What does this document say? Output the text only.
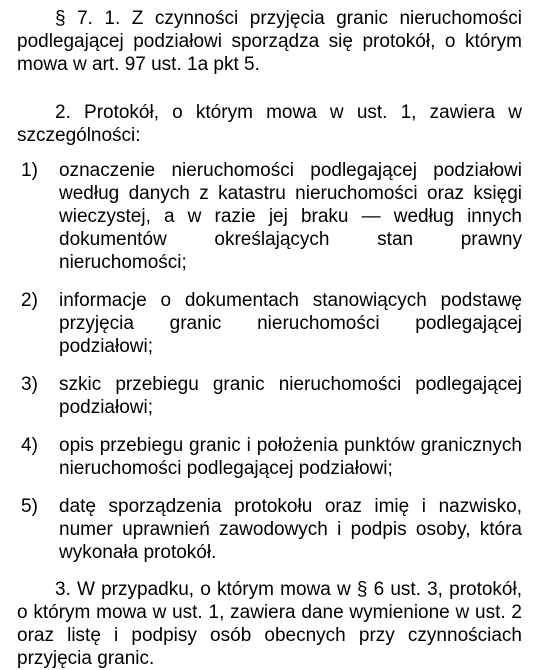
§ 7. 1. Z czynności przyjęcia granic nieruchomości podlegającej podziałowi sporządza się protokół, o którym mowa w art. 97 ust. 1a pkt 5.

2. Protokół, o którym mowa w ust. 1, zawiera w szczególności:

1) oznaczenie nieruchomości podlegającej podziałowi według danych z katastru nieruchomości oraz księgi wieczystej, a w razie jej braku — według innych dokumentów określających stan prawny nieruchomości;
2) informacje o dokumentach stanowiących podstawę przyjęcia granic nieruchomości podlegającej podziałowi;
3) szkic przebiegu granic nieruchomości podlegającej podziałowi;
4) opis przebiegu granic i położenia punktów granicznych nieruchomości podlegającej podziałowi;
5) datę sporządzenia protokołu oraz imię i nazwisko, numer uprawnień zawodowych i podpis osoby, która wykonała protokół.

3. W przypadku, o którym mowa w § 6 ust. 3, protokół, o którym mowa w ust. 1, zawiera dane wymienione w ust. 2 oraz listę i podpisy osób obecnych przy czynnościach przyjęcia granic.
